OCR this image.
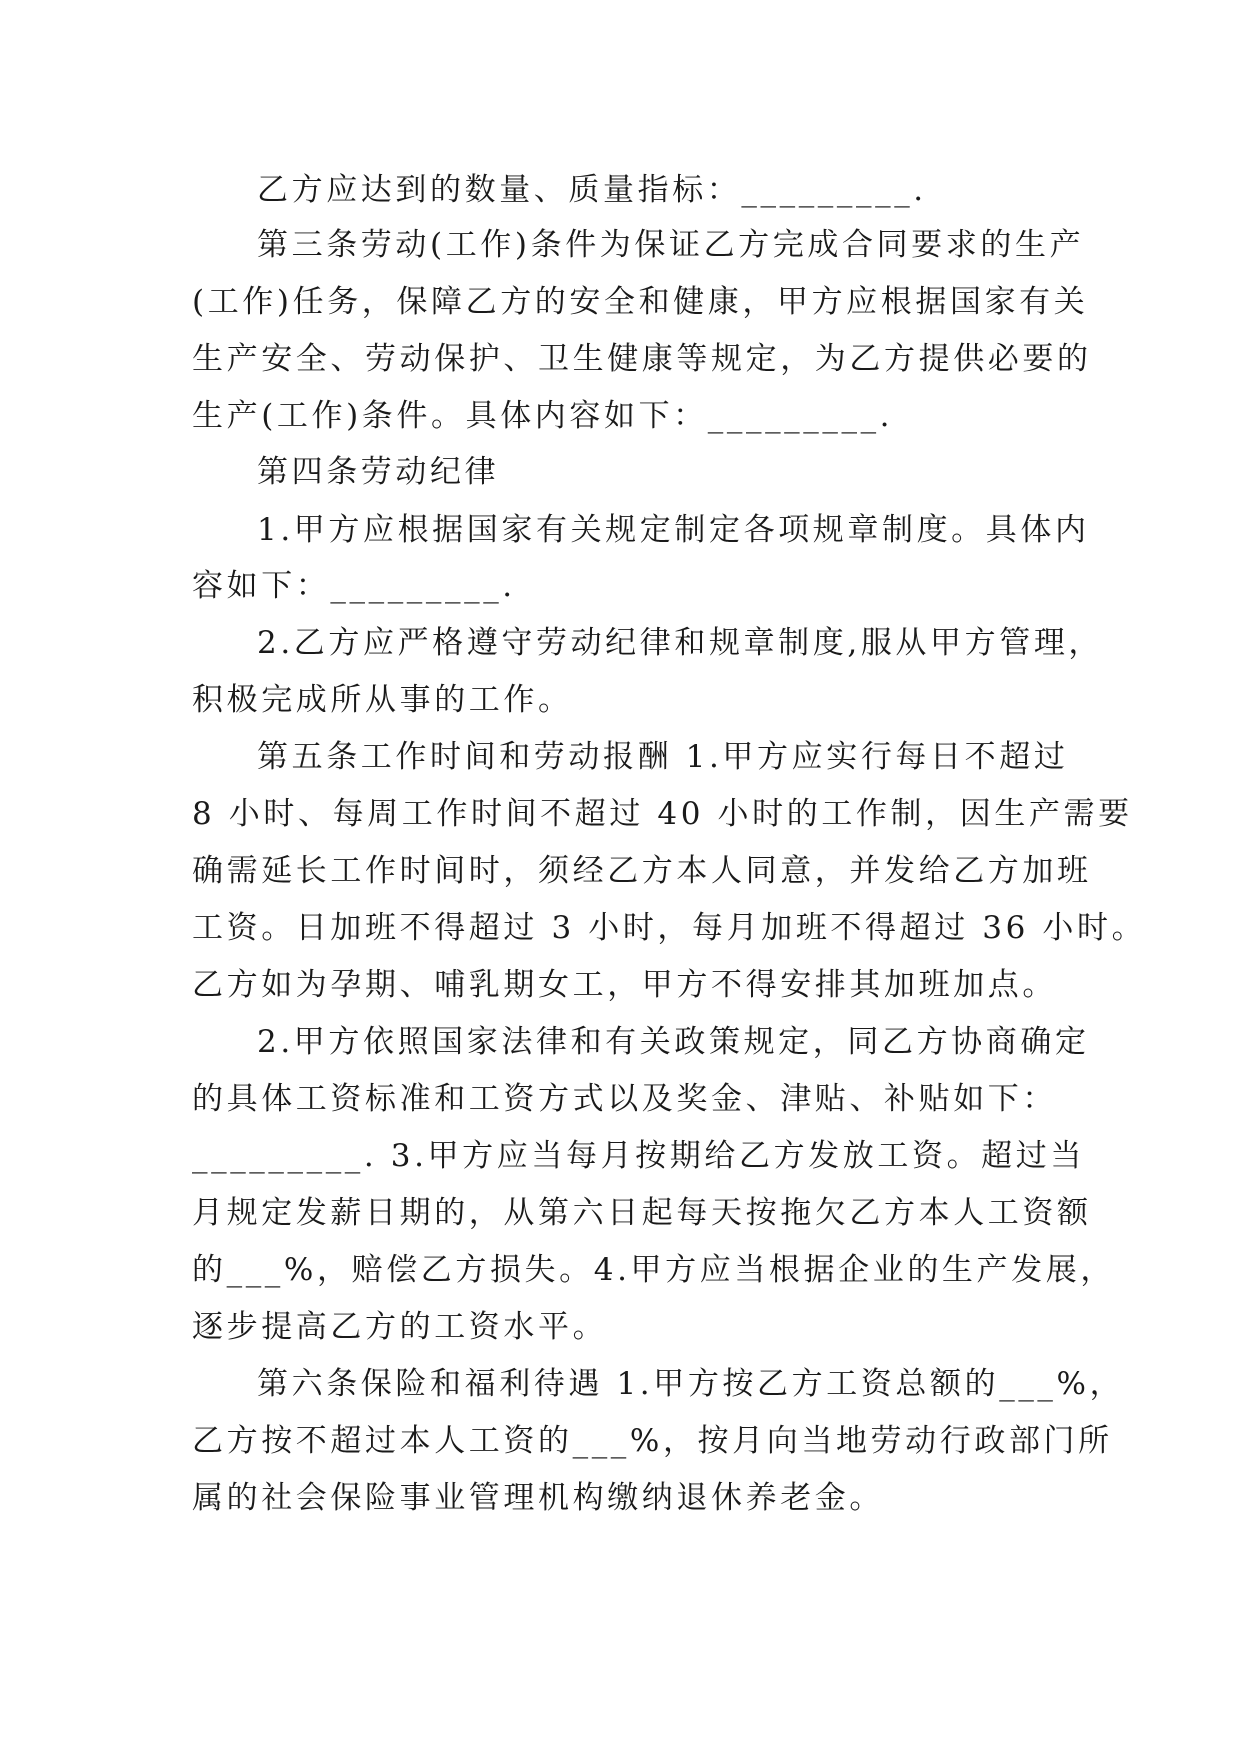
乙方应达到的数量、质量指标：_________.
第三条劳动(工作)条件为保证乙方完成合同要求的生产
(工作)任务，保障乙方的安全和健康，甲方应根据国家有关
生产安全、劳动保护、卫生健康等规定，为乙方提供必要的
生产(工作)条件。具体内容如下：_________.
第四条劳动纪律
1.甲方应根据国家有关规定制定各项规章制度。具体内
容如下：_________.
2.乙方应严格遵守劳动纪律和规章制度,服从甲方管理，
积极完成所从事的工作。
第五条工作时间和劳动报酬 1.甲方应实行每日不超过
8 小时、每周工作时间不超过 40 小时的工作制，因生产需要
确需延长工作时间时，须经乙方本人同意，并发给乙方加班
工资。日加班不得超过 3 小时，每月加班不得超过 36 小时。
乙方如为孕期、哺乳期女工，甲方不得安排其加班加点。
2.甲方依照国家法律和有关政策规定，同乙方协商确定
的具体工资标准和工资方式以及奖金、津贴、补贴如下：
_________. 3.甲方应当每月按期给乙方发放工资。超过当
月规定发薪日期的，从第六日起每天按拖欠乙方本人工资额
的___%，赔偿乙方损失。4.甲方应当根据企业的生产发展，
逐步提高乙方的工资水平。
第六条保险和福利待遇 1.甲方按乙方工资总额的___%，
乙方按不超过本人工资的___%，按月向当地劳动行政部门所
属的社会保险事业管理机构缴纳退休养老金。
